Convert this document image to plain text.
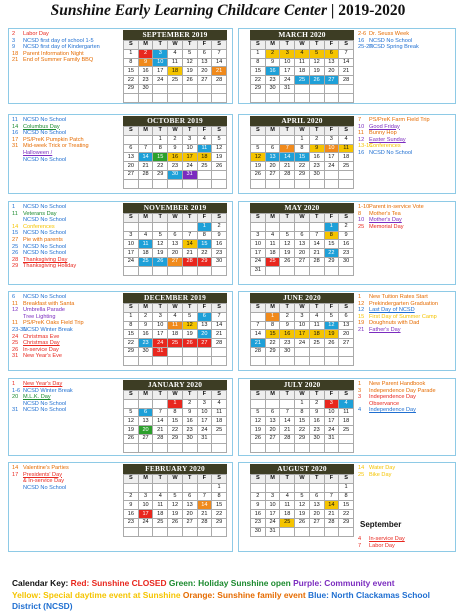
Sunshine Early Learning Childcare Center | 2019-2020
SEPTEMBER 2019
S	M	T	W	T	F	S
1	2	3	4	5	6	7
8	9	10	11	12	13	14
15	16	17	18	19	20	21
22	23	24	25	26	27	28
29	30					

MARCH 2020
S	M	T	W	T	F	S
1	2	3	4	5	6	7
8	9	10	11	12	13	14
15	16	17	18	19	20	21
22	23	24	25	26	27	28
29	30	31				

2	Labor Day
3	NCSD first day of school 1-5
9	NCSD first day of Kindergarten
18 Parent Information Night
21 End of Summer Family BBQ
2-6 Dr. Seuss Week
16 NCSD No School
25-27
NCSD Spring Break
OCTOBER 2019
S	M	T	W	T	F	S
		1	2	3	4	5
6	7	8	9	10	11	12
13	14	15	16	17	18	19
20	21	22	23	24	25	26
27	28	29	30	31		

APRIL 2020
S	M	T	W	T	F	S
			1	2	3	4
5	6	7	8	9	10	11
12	13	14	15	16	17	18
19	20	21	22	23	24	25
26	27	28	29	30		

11 NCSD No School
14 Columbus Day
16 NCSD No School
17 PS/PreK Pumpkin Patch
31 Mid-week Trick or Treating
Halloween /
NCSD No School
7	PS/PreK Farm Field Trip
10 Good Friday
11 Bunny Hop
12 Easter Sunday
13-16
Conferences
16 NCSD No School
NOVEMBER 2019
S	M	T	W	T	F	S
					1	2
3	4	5	6	7	8	9
10	11	12	13	14	15	16
17	18	19	20	21	22	23
24	25	26	27	28	29	30

MAY 2020
S	M	T	W	T	F	S
					1	2
3	4	5	6	7	8	9
10	11	12	13	14	15	16
17	18	19	20	21	22	23
24	25	26	27	28	29	30
31						
1	NCSD No School
11 Veterans Day
NCSD No School
14 Conferences
15 NCSD No School
27 Pie with parents
25 NCSD No School
26 NCSD No School
28 Thanksgiving Day
29 Thanksgiving Holiday
1-10 Parent in-service Vote
8	Mother's Tea
10 Mother's Day
25 Memorial Day
DECEMBER 2019
S	M	T	W	T	F	S
1	2	3	4	5	6	7
8	9	10	11	12	13	14
15	16	17	18	19	20	21
22	23	24	25	26	27	28
29	30	31				

JUNE 2020
S	M	T	W	T	F	S
	1	2	3	4	5	6
7	8	9	10	11	12	13
14	15	16	17	18	19	20
21	22	23	24	25	26	27
28	29	30				

6	NCSD No School
11 Breakfast with Santa
12 Umbrella Parade
Tree Lighting
11 PS/PreK Oaks Field Trip
23-31
NCSD Winter Break
24 Christmas Eve
25 Christmas Day
26 In-service Day
31 New Year's Eve
1	New Tuition Rates Start
12 Prekindergarten Graduation
12 Last Day of NCSD
15 First Day of Summer Camp
19 Doughnuts with Dad
21 Father's Day
JANUARY 2020
S	M	T	W	T	F	S
			1	2	3	4
5	6	7	8	9	10	11
12	13	14	15	16	17	18
19	20	21	22	23	24	25
26	27	28	29	30	31	

JULY 2020
S	M	T	W	T	F	S
			1	2	3	4
5	6	7	8	9	10	11
12	13	14	15	16	17	18
19	20	21	22	23	24	25
26	27	28	29	30	31	

1	New Year's Day
1-6 NCSD Winter Break
20 M.L.K. Day
NCSD No School
31 NCSD No School
1	New Parent Handbook
3	Independence Day Parade
3	Independence Day
Observance
4	Independence Day
FEBRUARY 2020
S	M	T	W	T	F	S
						1
2	3	4	5	6	7	8
9	10	11	12	13	14	15
16	17	18	19	20	21	22
23	24	25	26	27	28	29

AUGUST 2020
S	M	T	W	T	F	S
						1
2	3	4	5	6	7	8
9	10	11	12	13	14	15
16	17	18	19	20	21	22
23	24	25	26	27	28	29
30	31					
14 Valentine's Parties
17 Presidents' Day
& In-service Day
NCSD No School
14 Water Day
25 Bike Day
September
4	In-service Day
7	Labor Day
Calendar Key: Red: Sunshine CLOSED Green: Holiday Sunshine open Purple: Community event
Yellow: Special daytime event at Sunshine Orange: Sunshine family event Blue: North Clackamas School
District (NCSD)
